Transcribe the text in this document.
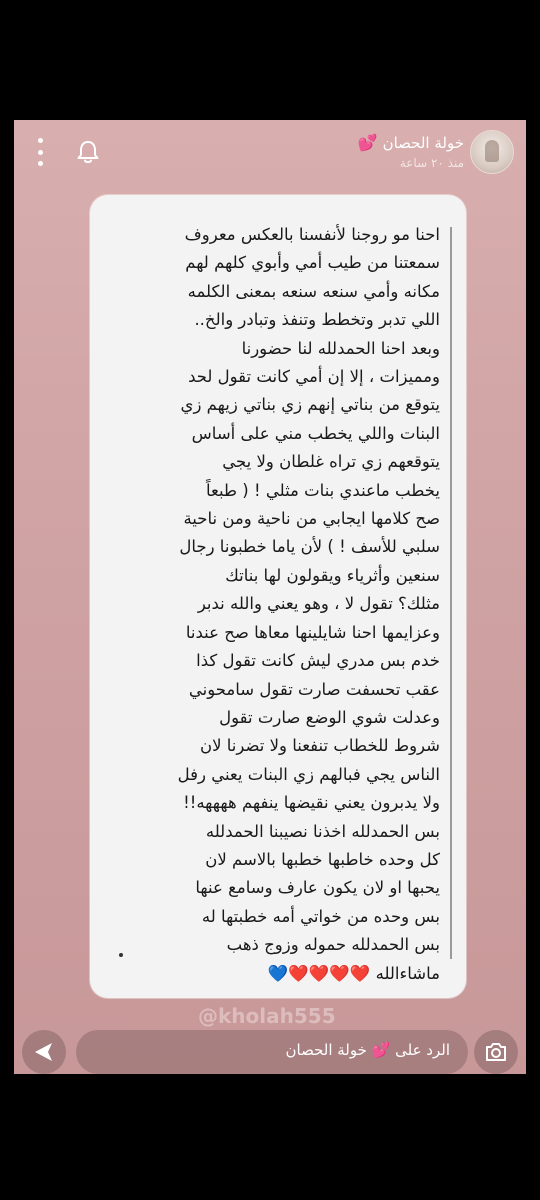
خولة الحصان 💕
منذ ٢٠ ساعة
احنا مو روجنا لأنفسنا بالعكس معروف
سمعتنا من طيب أمي وأبوي كلهم لهم
مكانه وأمي سنعه سنعه بمعنى الكلمه
اللي تدبر وتخطط وتنفذ وتبادر والخ..
وبعد احنا الحمدلله لنا حضورنا
ومميزات ، إلا إن أمي كانت تقول لحد
يتوقع من بناتي إنهم زي بناتي زيهم زي
البنات واللي يخطب مني على أساس
يتوقعهم زي تراه غلطان ولا يجي
يخطب ماعندي بنات مثلي ! ( طبعاً
صح كلامها ايجابي من ناحية ومن ناحية
سلبي للأسف ! ) لأن ياما خطبونا رجال
سنعين وأثرياء ويقولون لها بناتك
مثلك؟ تقول لا ، وهو يعني والله ندبر
وعزايمها احنا شايلينها معاها صح عندنا
خدم بس مدري ليش كانت تقول كذا
عقب تحسفت صارت تقول سامحوني
وعدلت شوي الوضع صارت تقول
شروط للخطاب تنفعنا ولا تضرنا لان
الناس يجي فبالهم زي البنات يعني رفل
ولا يدبرون يعني نقيضها ينفهم ههههه!!
بس الحمدلله اخذنا نصيبنا الحمدلله
كل وحده خاطبها خطبها بالاسم لان
يحبها او لان يكون عارف وسامع عنها
بس وحده من خواتي أمه خطبتها له
بس الحمدلله حموله وزوج ذهب
ماشاءالله ❤️❤️❤️❤️💙
@kholah555
الرد على 💕 خولة الحصان
